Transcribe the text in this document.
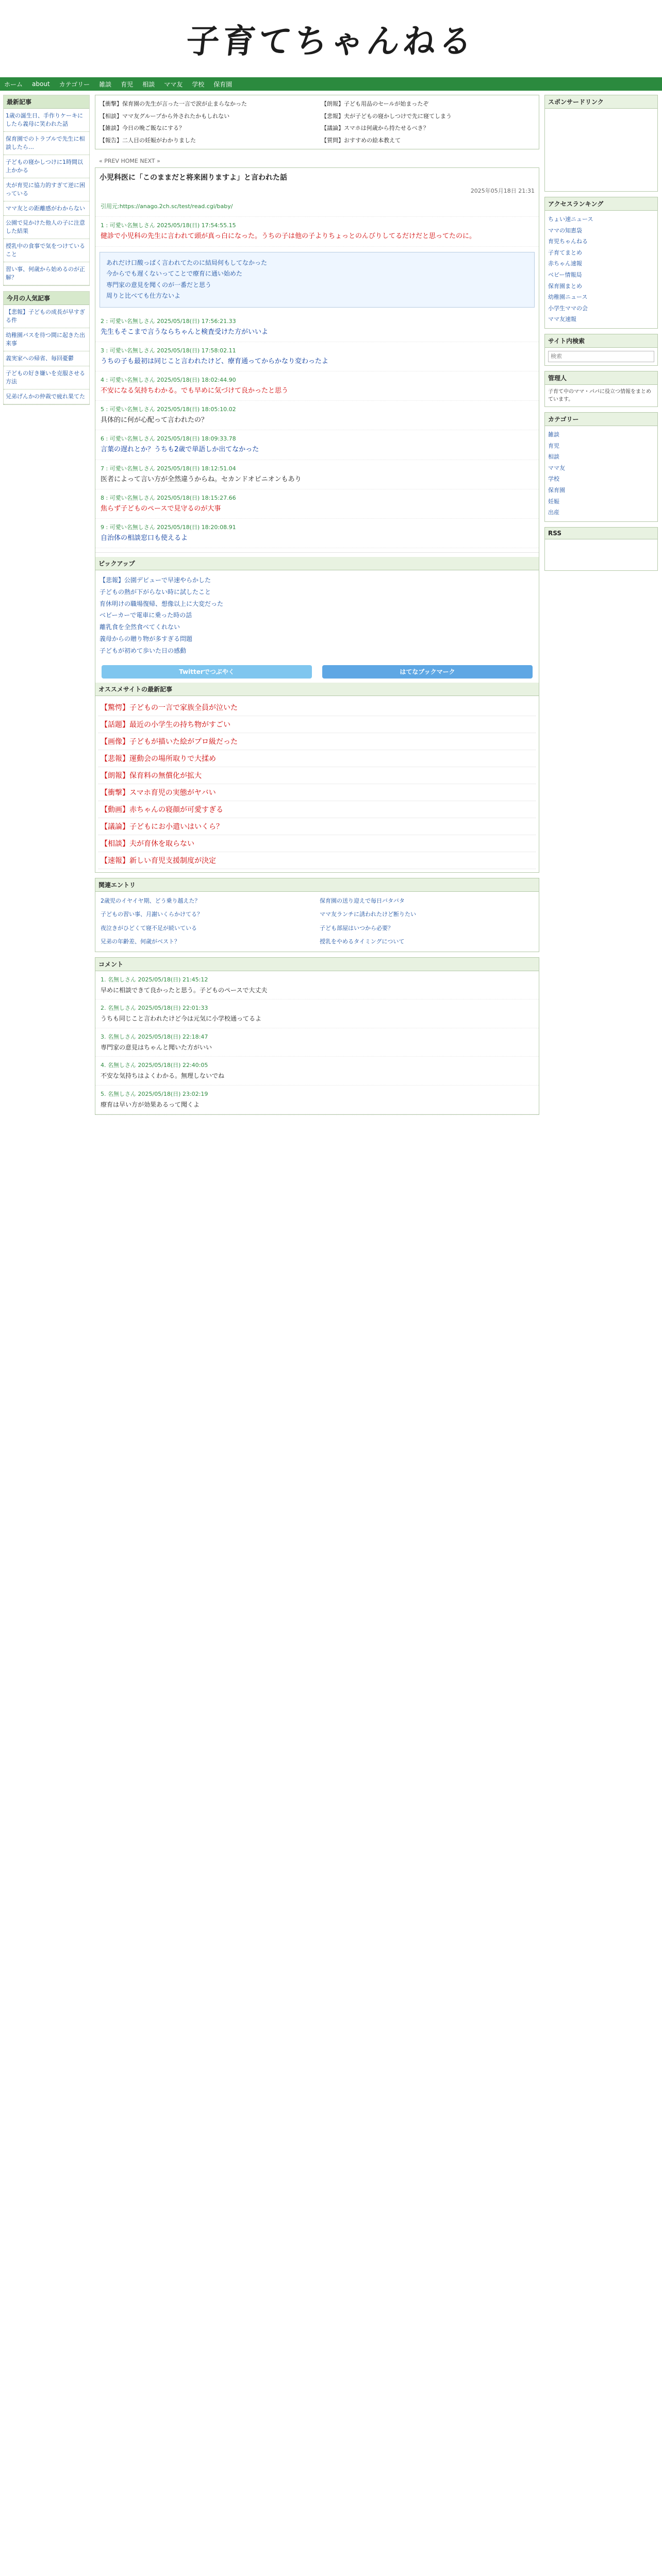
子育てちゃんねる
ホーム about カテゴリー 雑談 育児 相談 ママ友 学校 保育園
最新記事
1歳の誕生日、手作りケーキにしたら義母に笑われた話
保育園でのトラブルで先生に相談したら…
子どもの寝かしつけに1時間以上かかる
夫が育児に協力的すぎて逆に困っている
ママ友との距離感がわからない
公園で見かけた他人の子に注意した結果
授乳中の食事で気をつけていること
習い事、何歳から始めるのが正解？
今月の人気記事
【悲報】子どもの成長が早すぎる件
幼稚園バスを待つ間に起きた出来事
義実家への帰省、毎回憂鬱
子どもの好き嫌いを克服させる方法
兄弟げんかの仲裁で疲れ果てた
【衝撃】保育園の先生が言った一言で涙が止まらなかった	【朗報】子ども用品のセールが始まったぞ
【相談】ママ友グループから外されたかもしれない	【悲報】夫が子どもの寝かしつけで先に寝てしまう
【雑談】今日の晩ご飯なにする？	【議論】スマホは何歳から持たせるべき？
【報告】二人目の妊娠がわかりました	【質問】おすすめの絵本教えて
« PREV HOME NEXT »
小児科医に「このままだと将来困りますよ」と言われた話
2025年05月18日 21:31
引用元:https://anago.2ch.sc/test/read.cgi/baby/
1 : 可愛い名無しさん 2025/05/18(日) 17:54:55.15
健診で小児科の先生に言われて頭が真っ白になった。うちの子は他の子よりちょっとのんびりしてるだけだと思ってたのに。
あれだけ口酸っぱく言われてたのに結局何もしてなかった
今からでも遅くないってことで療育に通い始めた
専門家の意見を聞くのが一番だと思う
周りと比べても仕方ないよ
2 : 可愛い名無しさん 2025/05/18(日) 17:56:21.33
先生もそこまで言うならちゃんと検査受けた方がいいよ
3 : 可愛い名無しさん 2025/05/18(日) 17:58:02.11
うちの子も最初は同じこと言われたけど、療育通ってからかなり変わったよ
4 : 可愛い名無しさん 2025/05/18(日) 18:02:44.90
不安になる気持ちわかる。でも早めに気づけて良かったと思う
5 : 可愛い名無しさん 2025/05/18(日) 18:05:10.02
具体的に何が心配って言われたの？
6 : 可愛い名無しさん 2025/05/18(日) 18:09:33.78
言葉の遅れとか？うちも2歳で単語しか出てなかった
7 : 可愛い名無しさん 2025/05/18(日) 18:12:51.04
医者によって言い方が全然違うからね。セカンドオピニオンもあり
8 : 可愛い名無しさん 2025/05/18(日) 18:15:27.66
焦らず子どものペースで見守るのが大事
9 : 可愛い名無しさん 2025/05/18(日) 18:20:08.91
自治体の相談窓口も使えるよ
ピックアップ
【悲報】公園デビューで早速やらかした
子どもの熱が下がらない時に試したこと
育休明けの職場復帰、想像以上に大変だった
ベビーカーで電車に乗った時の話
離乳食を全然食べてくれない
義母からの贈り物が多すぎる問題
子どもが初めて歩いた日の感動
Twitterでつぶやく	はてなブックマーク
オススメサイトの最新記事
【驚愕】子どもの一言で家族全員が泣いた
【話題】最近の小学生の持ち物がすごい
【画像】子どもが描いた絵がプロ級だった
【悲報】運動会の場所取りで大揉め
【朗報】保育料の無償化が拡大
【衝撃】スマホ育児の実態がヤバい
【動画】赤ちゃんの寝顔が可愛すぎる
【議論】子どもにお小遣いはいくら？
【相談】夫が育休を取らない
【速報】新しい育児支援制度が決定
関連エントリ
2歳児のイヤイヤ期、どう乗り越えた？	保育園の送り迎えで毎日バタバタ
子どもの習い事、月謝いくらかけてる？	ママ友ランチに誘われたけど断りたい
夜泣きがひどくて寝不足が続いている	子ども部屋はいつから必要？
兄弟の年齢差、何歳がベスト？	授乳をやめるタイミングについて
コメント
1. 名無しさん 2025/05/18(日) 21:45:12
早めに相談できて良かったと思う。子どものペースで大丈夫
2. 名無しさん 2025/05/18(日) 22:01:33
うちも同じこと言われたけど今は元気に小学校通ってるよ
3. 名無しさん 2025/05/18(日) 22:18:47
専門家の意見はちゃんと聞いた方がいい
4. 名無しさん 2025/05/18(日) 22:40:05
不安な気持ちはよくわかる。無理しないでね
5. 名無しさん 2025/05/18(日) 23:02:19
療育は早い方が効果あるって聞くよ
スポンサードリンク
アクセスランキング
ちょい速ニュース
ママの知恵袋
育児ちゃんねる
子育てまとめ
赤ちゃん速報
ベビー情報局
保育園まとめ
幼稚園ニュース
小学生ママの会
ママ友速報
サイト内検索
検索
管理人
子育て中のママ・パパに役立つ情報をまとめています。
カテゴリー
雑談
育児
相談
ママ友
学校
保育園
妊娠
出産
RSS
